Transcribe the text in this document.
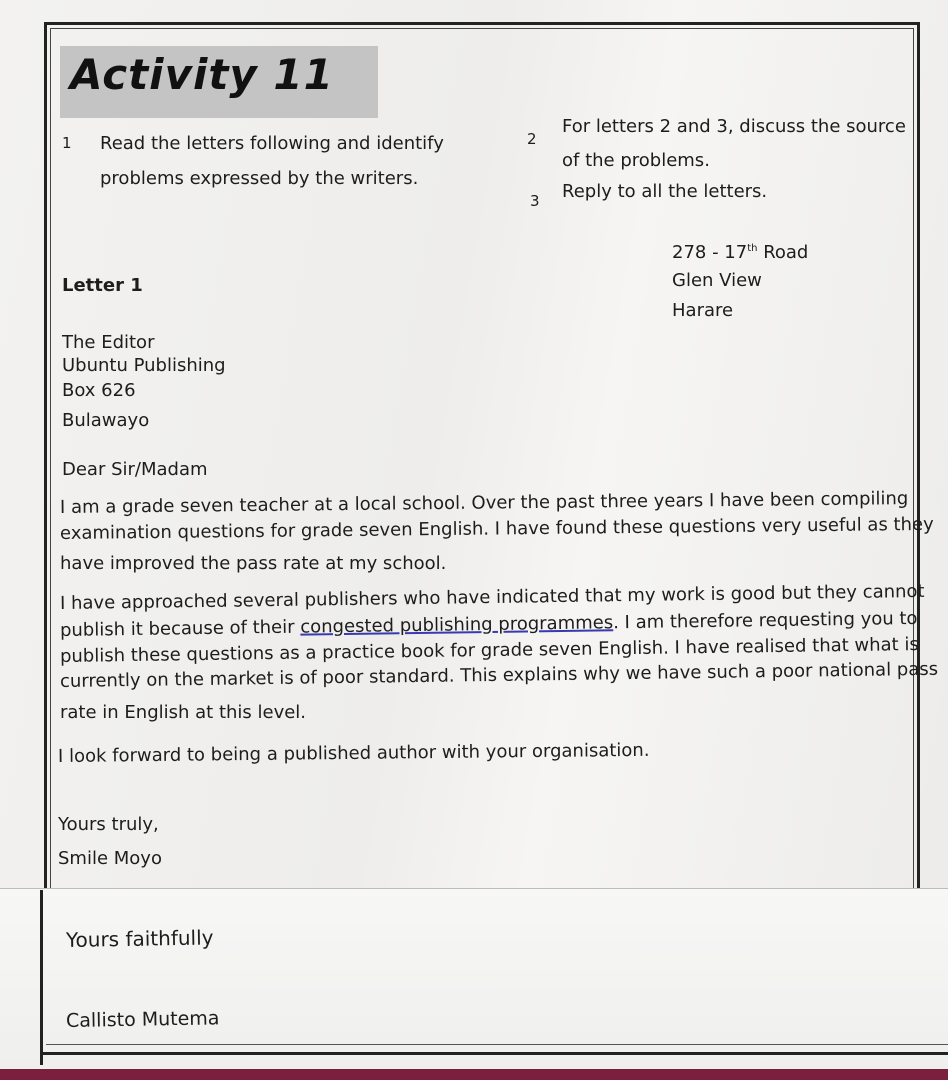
Activity 11
1 Read the letters following and identify
problems expressed by the writers.
2
For letters 2 and 3, discuss the source
of the problems.
3 Reply to all the letters.
278 - 17th Road
Glen View
Harare
Letter 1
The Editor
Ubuntu Publishing
Box 626
Bulawayo
Dear Sir/Madam
I am a grade seven teacher at a local school. Over the past three years I have been compiling
examination questions for grade seven English. I have found these questions very useful as they
have improved the pass rate at my school.
I have approached several publishers who have indicated that my work is good but they cannot
publish it because of their congested publishing programmes. I am therefore requesting you to
publish these questions as a practice book for grade seven English. I have realised that what is
currently on the market is of poor standard. This explains why we have such a poor national pass
rate in English at this level.
I look forward to being a published author with your organisation.
Yours truly,
Smile Moyo
Yours faithfully
Callisto Mutema
